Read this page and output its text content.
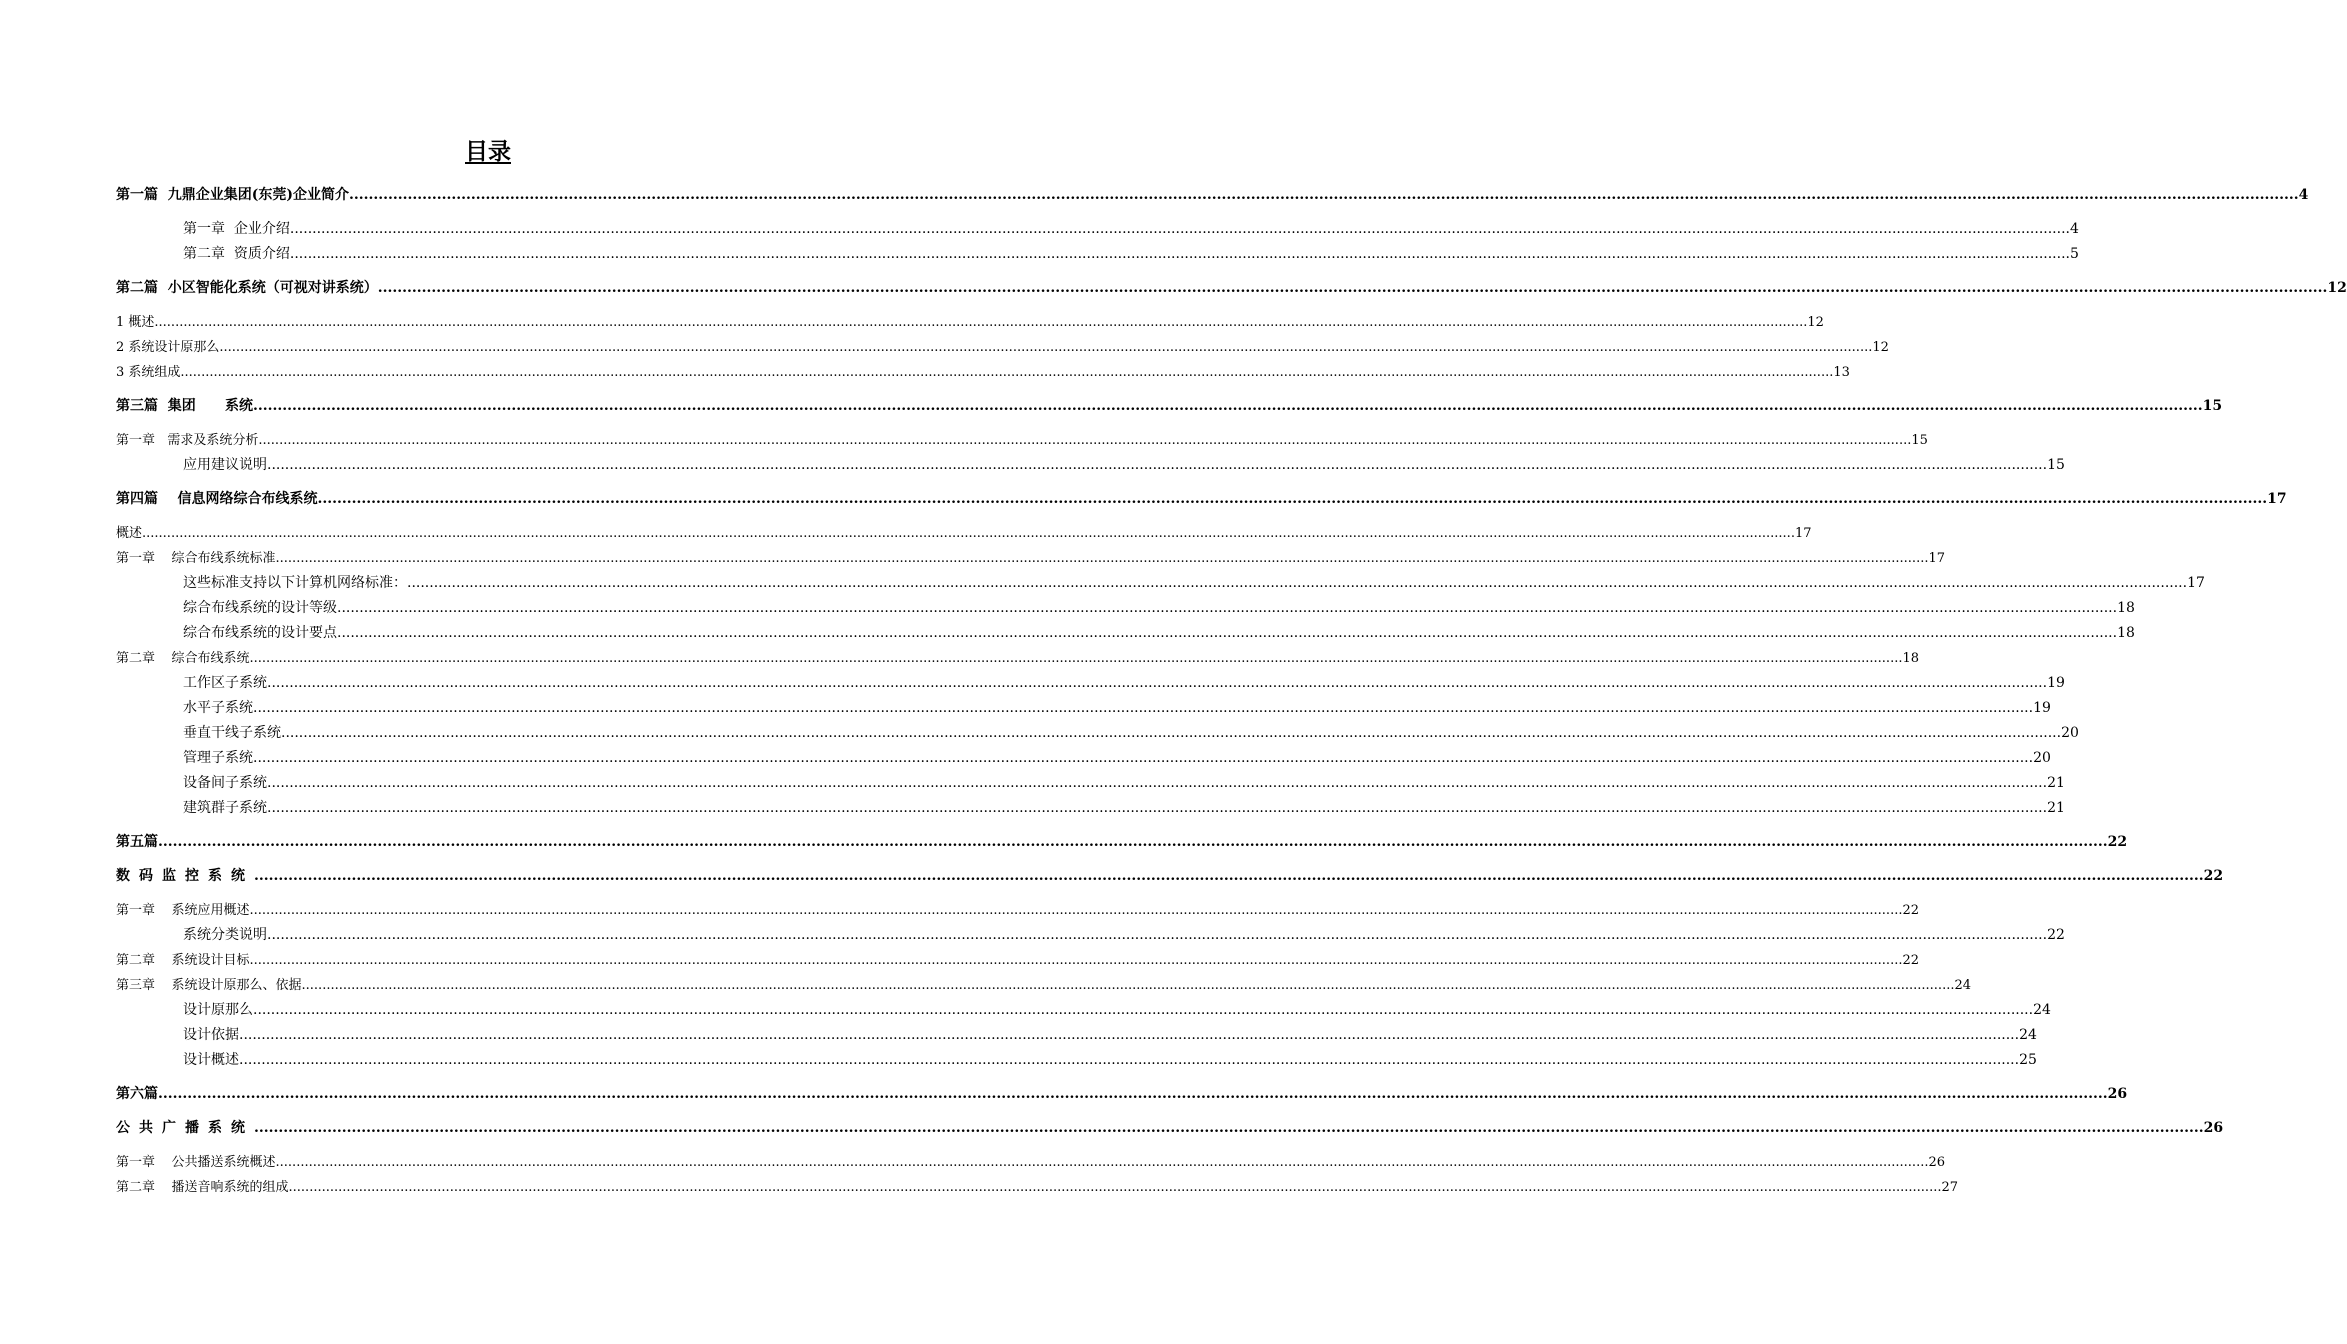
目录
第一篇  九鼎企业集团(东莞)企业简介 ................................................................................................................................................................................................................................................................................................................................................................................................................ 4
第一章  企业介绍 ................................................................................................................................................................................................................................................................................................................................................................................................................ 4
第二章  资质介绍 ................................................................................................................................................................................................................................................................................................................................................................................................................ 5
第二篇  小区智能化系统（可视对讲系统） ................................................................................................................................................................................................................................................................................................................................................................................................................ 12
1 概述 ................................................................................................................................................................................................................................................................................................................................................................................................................ 12
2 系统设计原那么 ................................................................................................................................................................................................................................................................................................................................................................................................................ 12
3 系统组成 ................................................................................................................................................................................................................................................................................................................................................................................................................ 13
第三篇  集团      系统 ................................................................................................................................................................................................................................................................................................................................................................................................................ 15
第一章   需求及系统分析 ................................................................................................................................................................................................................................................................................................................................................................................................................ 15
应用建议说明 ................................................................................................................................................................................................................................................................................................................................................................................................................ 15
第四篇    信息网络综合布线系统 ................................................................................................................................................................................................................................................................................................................................................................................................................ 17
概述 ................................................................................................................................................................................................................................................................................................................................................................................................................ 17
第一章    综合布线系统标准 ................................................................................................................................................................................................................................................................................................................................................................................................................ 17
这些标准支持以下计算机网络标准： ................................................................................................................................................................................................................................................................................................................................................................................................................ 17
综合布线系统的设计等级 ................................................................................................................................................................................................................................................................................................................................................................................................................ 18
综合布线系统的设计要点 ................................................................................................................................................................................................................................................................................................................................................................................................................ 18
第二章    综合布线系统 ................................................................................................................................................................................................................................................................................................................................................................................................................ 18
工作区子系统 ................................................................................................................................................................................................................................................................................................................................................................................................................ 19
水平子系统 ................................................................................................................................................................................................................................................................................................................................................................................................................ 19
垂直干线子系统 ................................................................................................................................................................................................................................................................................................................................................................................................................ 20
管理子系统 ................................................................................................................................................................................................................................................................................................................................................................................................................ 20
设备间子系统 ................................................................................................................................................................................................................................................................................................................................................................................................................ 21
建筑群子系统 ................................................................................................................................................................................................................................................................................................................................................................................................................ 21
第五篇 ................................................................................................................................................................................................................................................................................................................................................................................................................ 22
数码监控系统 ................................................................................................................................................................................................................................................................................................................................................................................................................ 22
第一章    系统应用概述 ................................................................................................................................................................................................................................................................................................................................................................................................................ 22
系统分类说明 ................................................................................................................................................................................................................................................................................................................................................................................................................ 22
第二章    系统设计目标 ................................................................................................................................................................................................................................................................................................................................................................................................................ 22
第三章    系统设计原那么、依据 ................................................................................................................................................................................................................................................................................................................................................................................................................ 24
设计原那么 ................................................................................................................................................................................................................................................................................................................................................................................................................ 24
设计依据 ................................................................................................................................................................................................................................................................................................................................................................................................................ 24
设计概述 ................................................................................................................................................................................................................................................................................................................................................................................................................ 25
第六篇 ................................................................................................................................................................................................................................................................................................................................................................................................................ 26
公共广播系统 ................................................................................................................................................................................................................................................................................................................................................................................................................ 26
第一章    公共播送系统概述 ................................................................................................................................................................................................................................................................................................................................................................................................................ 26
第二章    播送音响系统的组成 ................................................................................................................................................................................................................................................................................................................................................................................................................ 27
